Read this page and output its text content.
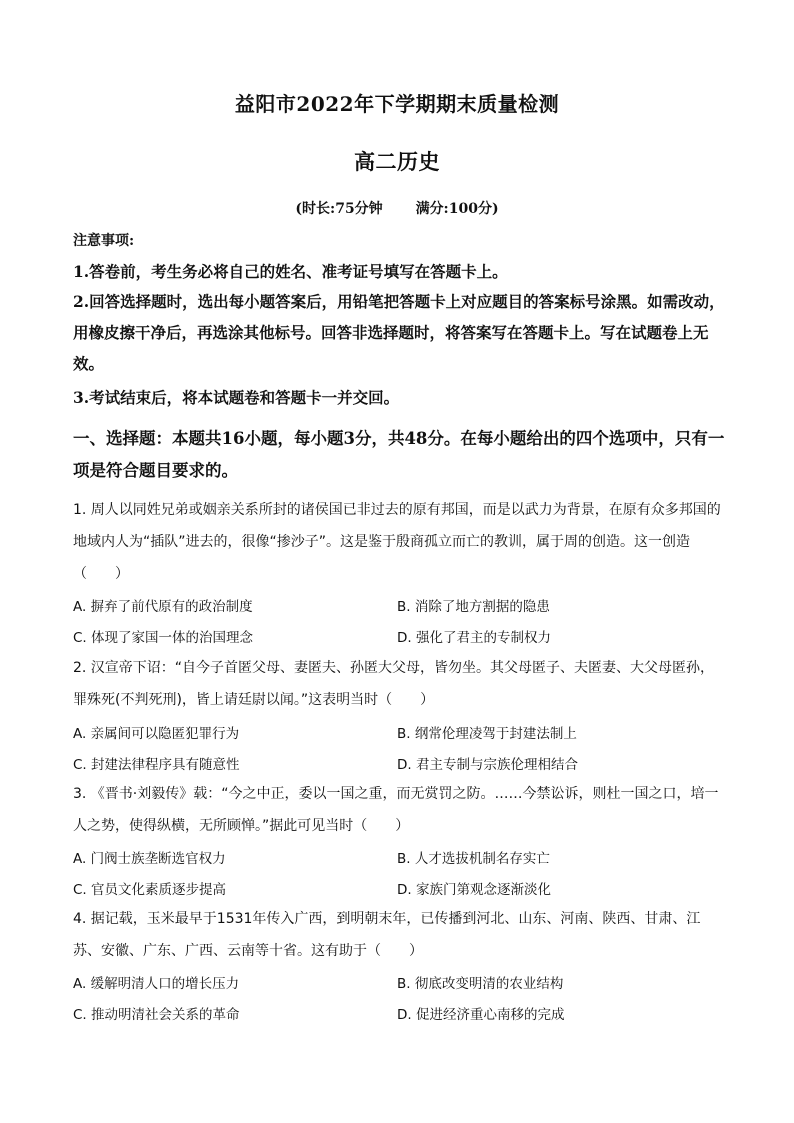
益阳市2022年下学期期末质量检测
高二历史
(时长:75分钟 满分:100分)
注意事项:
1.答卷前，考生务必将自己的姓名、准考证号填写在答题卡上。
2.回答选择题时，选出每小题答案后，用铅笔把答题卡上对应题目的答案标号涂黑。如需改动，用橡皮擦干净后，再选涂其他标号。回答非选择题时，将答案写在答题卡上。写在试题卷上无效。
3.考试结束后，将本试题卷和答题卡一并交回。
一、选择题：本题共16小题，每小题3分，共48分。在每小题给出的四个选项中，只有一项是符合题目要求的。
1. 周人以同姓兄弟或姻亲关系所封的诸侯国已非过去的原有邦国，而是以武力为背景，在原有众多邦国的地域内人为“插队”进去的，很像“掺沙子”。这是鉴于殷商孤立而亡的教训，属于周的创造。这一创造（　　）
A. 摒弃了前代原有的政治制度	B. 消除了地方割据的隐患
C. 体现了家国一体的治国理念	D. 强化了君主的专制权力
2. 汉宣帝下诏：“自今子首匿父母、妻匿夫、孙匿大父母，皆勿坐。其父母匿子、夫匿妻、大父母匿孙，罪殊死(不判死刑)，皆上请廷尉以闻。”这表明当时（　　）
A. 亲属间可以隐匿犯罪行为	B. 纲常伦理凌驾于封建法制上
C. 封建法律程序具有随意性	D. 君主专制与宗族伦理相结合
3. 《晋书·刘毅传》载：“今之中正，委以一国之重，而无赏罚之防。……今禁讼诉，则杜一国之口，培一人之势，使得纵横，无所顾惮。”据此可见当时（　　）
A. 门阀士族垄断选官权力	B. 人才选拔机制名存实亡
C. 官员文化素质逐步提高	D. 家族门第观念逐渐淡化
4. 据记载，玉米最早于1531年传入广西，到明朝末年，已传播到河北、山东、河南、陕西、甘肃、江苏、安徽、广东、广西、云南等十省。这有助于（　　）
A. 缓解明清人口的增长压力	B. 彻底改变明清的农业结构
C. 推动明清社会关系的革命	D. 促进经济重心南移的完成
